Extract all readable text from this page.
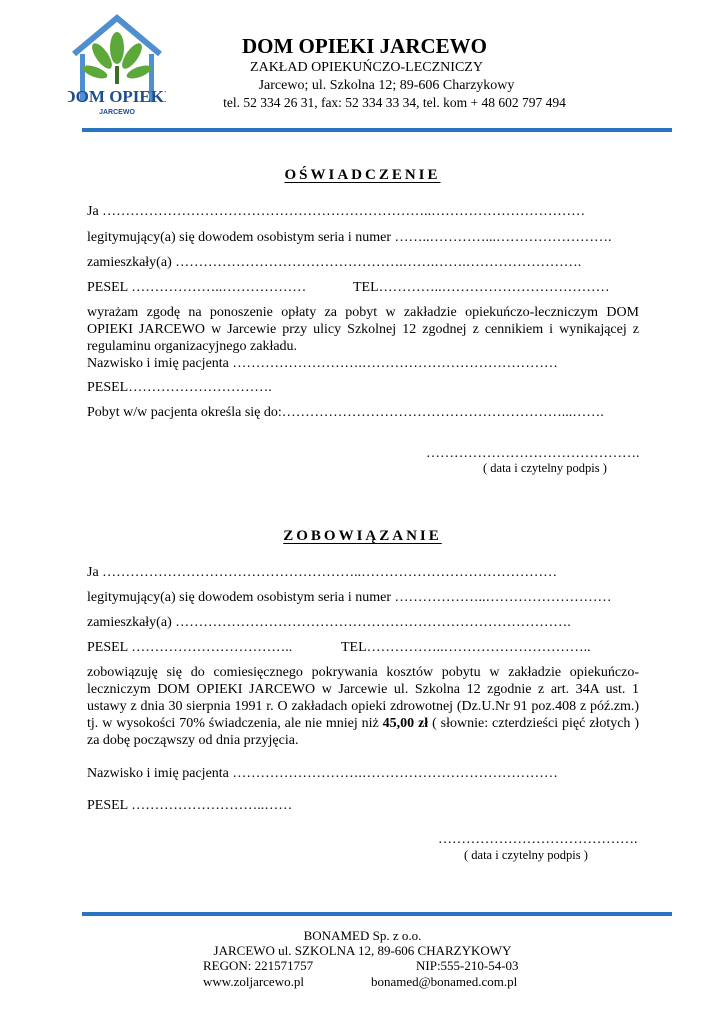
DOM OPIEKI
JARCEWO
DOM OPIEKI JARCEWO
ZAKŁAD OPIEKUŃCZO-LECZNICZY
Jarcewo; ul. Szkolna 12; 89-606 Charzykowy
tel. 52 334 26 31, fax: 52 334 33 34, tel. kom + 48 602 797 494
OŚWIADCZENIE
Ja ……………………………………………………………..……………………………
legitymujący(a) się dowodem osobistym seria i numer ……..…………...…………………….
zamieszkały(a) ………………………………………….…….…….…………………….
PESEL ………………..………………	TEL…………..………………………………
wyrażam zgodę na ponoszenie opłaty za pobyt w zakładzie opiekuńczo-leczniczym DOM OPIEKI JARCEWO w Jarcewie przy ulicy Szkolnej 12 zgodnej z cennikiem i wynikającej z regulaminu organizacyjnego zakładu.
Nazwisko i imię pacjenta ……………………….……………………………………
PESEL………………………….
Pobyt w/w pacjenta określa się do:……………………………………………………...…….
……………………………………….
( data i czytelny podpis )
ZOBOWIĄZANIE
Ja ………………………………………………..……………………………………
legitymujący(a) się dowodem osobistym seria i numer ………………..………………………
zamieszkały(a) ………………………………………………………………………….
PESEL ……………………………..	TEL……………..…………………………..
zobowiązuję się do comiesięcznego pokrywania kosztów pobytu w zakładzie opiekuńczo-leczniczym DOM OPIEKI JARCEWO w Jarcewie ul. Szkolna 12 zgodnie z art. 34A ust. 1 ustawy z dnia 30 sierpnia 1991 r. O zakładach opieki zdrowotnej (Dz.U.Nr 91 poz.408 z póź.zm.) tj. w wysokości 70% świadczenia, ale nie mniej niż 45,00 zł ( słownie: czterdzieści pięć złotych ) za dobę począwszy od dnia przyjęcia.
Nazwisko i imię pacjenta ……………………….……………………………………
PESEL ………………………..……
…………………………………….
( data i czytelny podpis )
BONAMED Sp. z o.o.
JARCEWO ul. SZKOLNA 12, 89-606 CHARZYKOWY
REGON: 221571757	NIP:555-210-54-03
www.zoljarcewo.pl	bonamed@bonamed.com.pl
